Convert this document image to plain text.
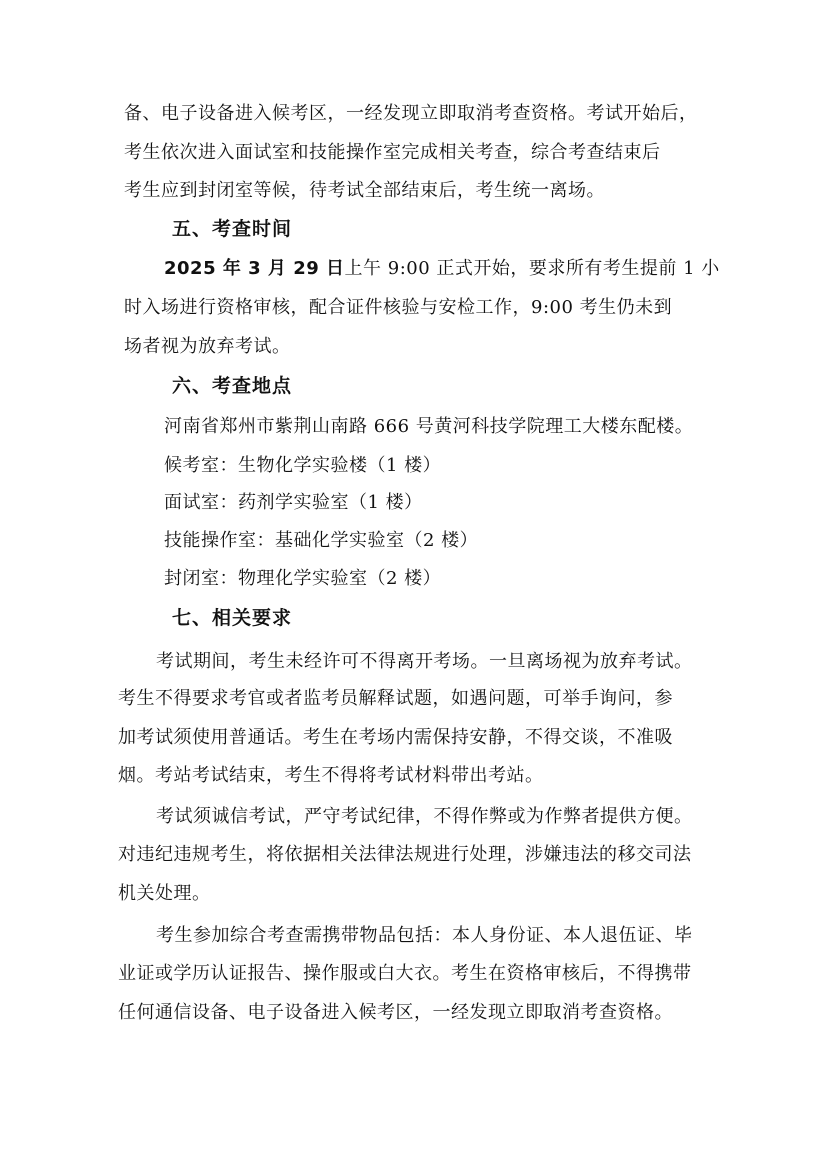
备、电子设备进入候考区，一经发现立即取消考查资格。考试开始后，
考生依次进入面试室和技能操作室完成相关考查，综合考查结束后
考生应到封闭室等候，待考试全部结束后，考生统一离场。
五、考查时间
2025 年 3 月 29 日上午 9:00 正式开始，要求所有考生提前 1 小
时入场进行资格审核，配合证件核验与安检工作，9:00 考生仍未到
场者视为放弃考试。
六、考查地点
河南省郑州市紫荆山南路 666 号黄河科技学院理工大楼东配楼。
候考室：生物化学实验楼（1 楼）
面试室：药剂学实验室（1 楼）
技能操作室：基础化学实验室（2 楼）
封闭室：物理化学实验室（2 楼）
七、相关要求
考试期间，考生未经许可不得离开考场。一旦离场视为放弃考试。
考生不得要求考官或者监考员解释试题，如遇问题，可举手询问，参
加考试须使用普通话。考生在考场内需保持安静，不得交谈，不准吸
烟。考站考试结束，考生不得将考试材料带出考站。
考试须诚信考试，严守考试纪律，不得作弊或为作弊者提供方便。
对违纪违规考生，将依据相关法律法规进行处理，涉嫌违法的移交司法
机关处理。
考生参加综合考查需携带物品包括：本人身份证、本人退伍证、毕
业证或学历认证报告、操作服或白大衣。考生在资格审核后，不得携带
任何通信设备、电子设备进入候考区，一经发现立即取消考查资格。
